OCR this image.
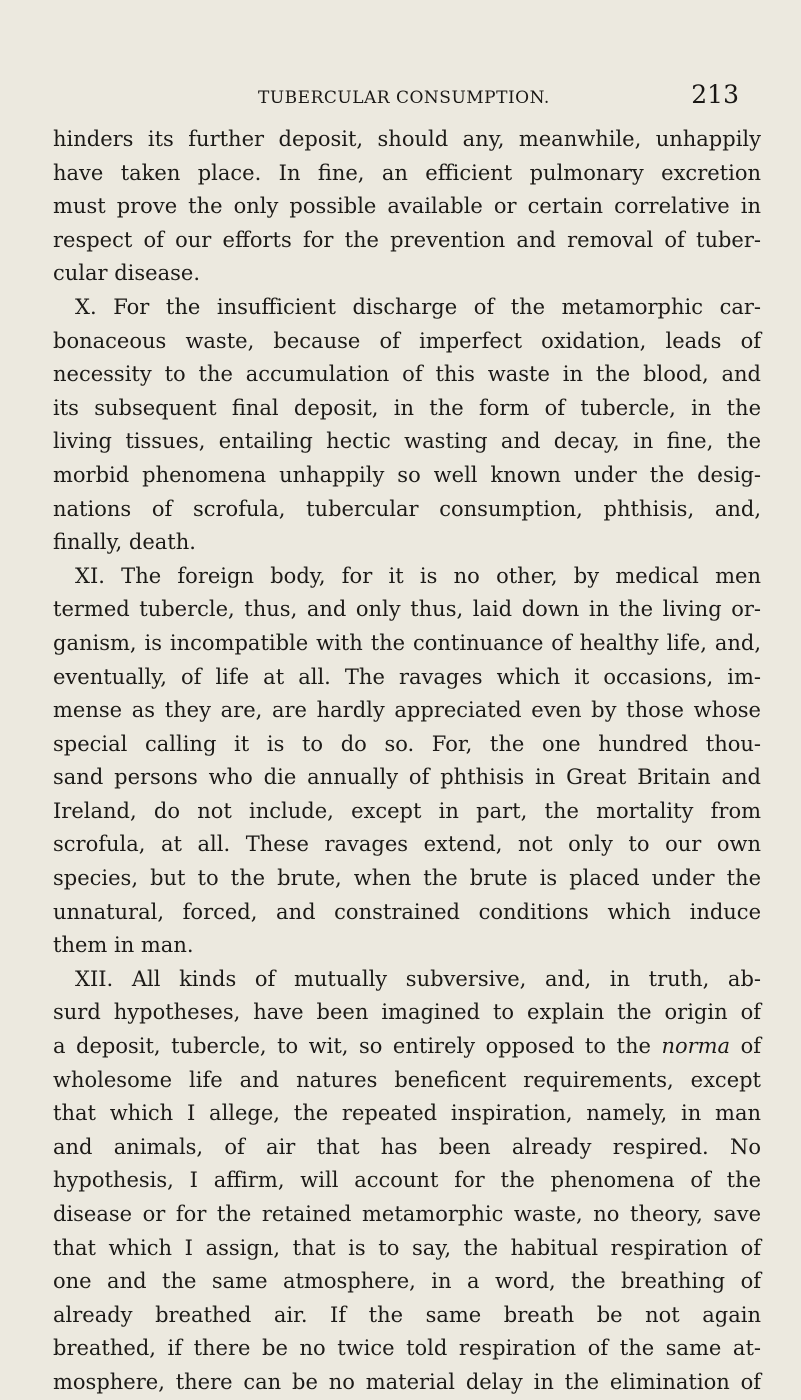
TUBERCULAR CONSUMPTION.	213
hinders its further deposit, should any, meanwhile, unhappily
have taken place. In fine, an efficient pulmonary excretion
must prove the only possible available or certain correlative in
respect of our efforts for the prevention and removal of tuber-
cular disease.
X. For the insufficient discharge of the metamorphic car-
bonaceous waste, because of imperfect oxidation, leads of
necessity to the accumulation of this waste in the blood, and
its subsequent final deposit, in the form of tubercle, in the
living tissues, entailing hectic wasting and decay, in fine, the
morbid phenomena unhappily so well known under the desig-
nations of scrofula, tubercular consumption, phthisis, and,
finally, death.
XI. The foreign body, for it is no other, by medical men
termed tubercle, thus, and only thus, laid down in the living or-
ganism, is incompatible with the continuance of healthy life, and,
eventually, of life at all. The ravages which it occasions, im-
mense as they are, are hardly appreciated even by those whose
special calling it is to do so. For, the one hundred thou-
sand persons who die annually of phthisis in Great Britain and
Ireland, do not include, except in part, the mortality from
scrofula, at all. These ravages extend, not only to our own
species, but to the brute, when the brute is placed under the
unnatural, forced, and constrained conditions which induce
them in man.
XII. All kinds of mutually subversive, and, in truth, ab-
surd hypotheses, have been imagined to explain the origin of
a deposit, tubercle, to wit, so entirely opposed to the norma of
wholesome life and natures beneficent requirements, except
that which I allege, the repeated inspiration, namely, in man
and animals, of air that has been already respired. No
hypothesis, I affirm, will account for the phenomena of the
disease or for the retained metamorphic waste, no theory, save
that which I assign, that is to say, the habitual respiration of
one and the same atmosphere, in a word, the breathing of
already breathed air. If the same breath be not again
breathed, if there be no twice told respiration of the same at-
mosphere, there can be no material delay in the elimination of
